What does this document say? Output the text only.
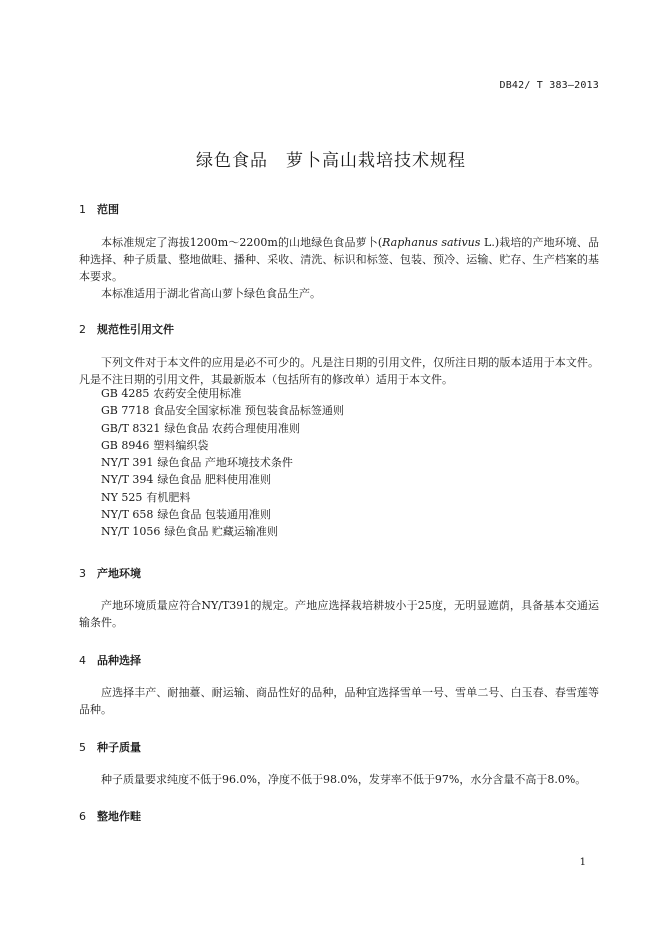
DB42/ T 383—2013
绿色食品 萝卜高山栽培技术规程
1 范围
本标准规定了海拔1200m～2200m的山地绿色食品萝卜(Raphanus sativus L.)栽培的产地环境、品种选择、种子质量、整地做畦、播种、采收、清洗、标识和标签、包装、预冷、运输、贮存、生产档案的基本要求。
本标准适用于湖北省高山萝卜绿色食品生产。
2 规范性引用文件
下列文件对于本文件的应用是必不可少的。凡是注日期的引用文件，仅所注日期的版本适用于本文件。凡是不注日期的引用文件，其最新版本（包括所有的修改单）适用于本文件。
GB 4285 农药安全使用标准
GB 7718 食品安全国家标准 预包装食品标签通则
GB/T 8321 绿色食品 农药合理使用准则
GB 8946 塑料编织袋
NY/T 391 绿色食品 产地环境技术条件
NY/T 394 绿色食品 肥料使用准则
NY 525 有机肥料
NY/T 658 绿色食品 包装通用准则
NY/T 1056 绿色食品 贮藏运输准则
3 产地环境
产地环境质量应符合NY/T391的规定。产地应选择栽培耕坡小于25度，无明显遮荫，具备基本交通运输条件。
4 品种选择
应选择丰产、耐抽薹、耐运输、商品性好的品种，品种宜选择雪单一号、雪单二号、白玉春、春雪莲等品种。
5 种子质量
种子质量要求纯度不低于96.0%，净度不低于98.0%，发芽率不低于97%，水分含量不高于8.0%。
6 整地作畦
1
